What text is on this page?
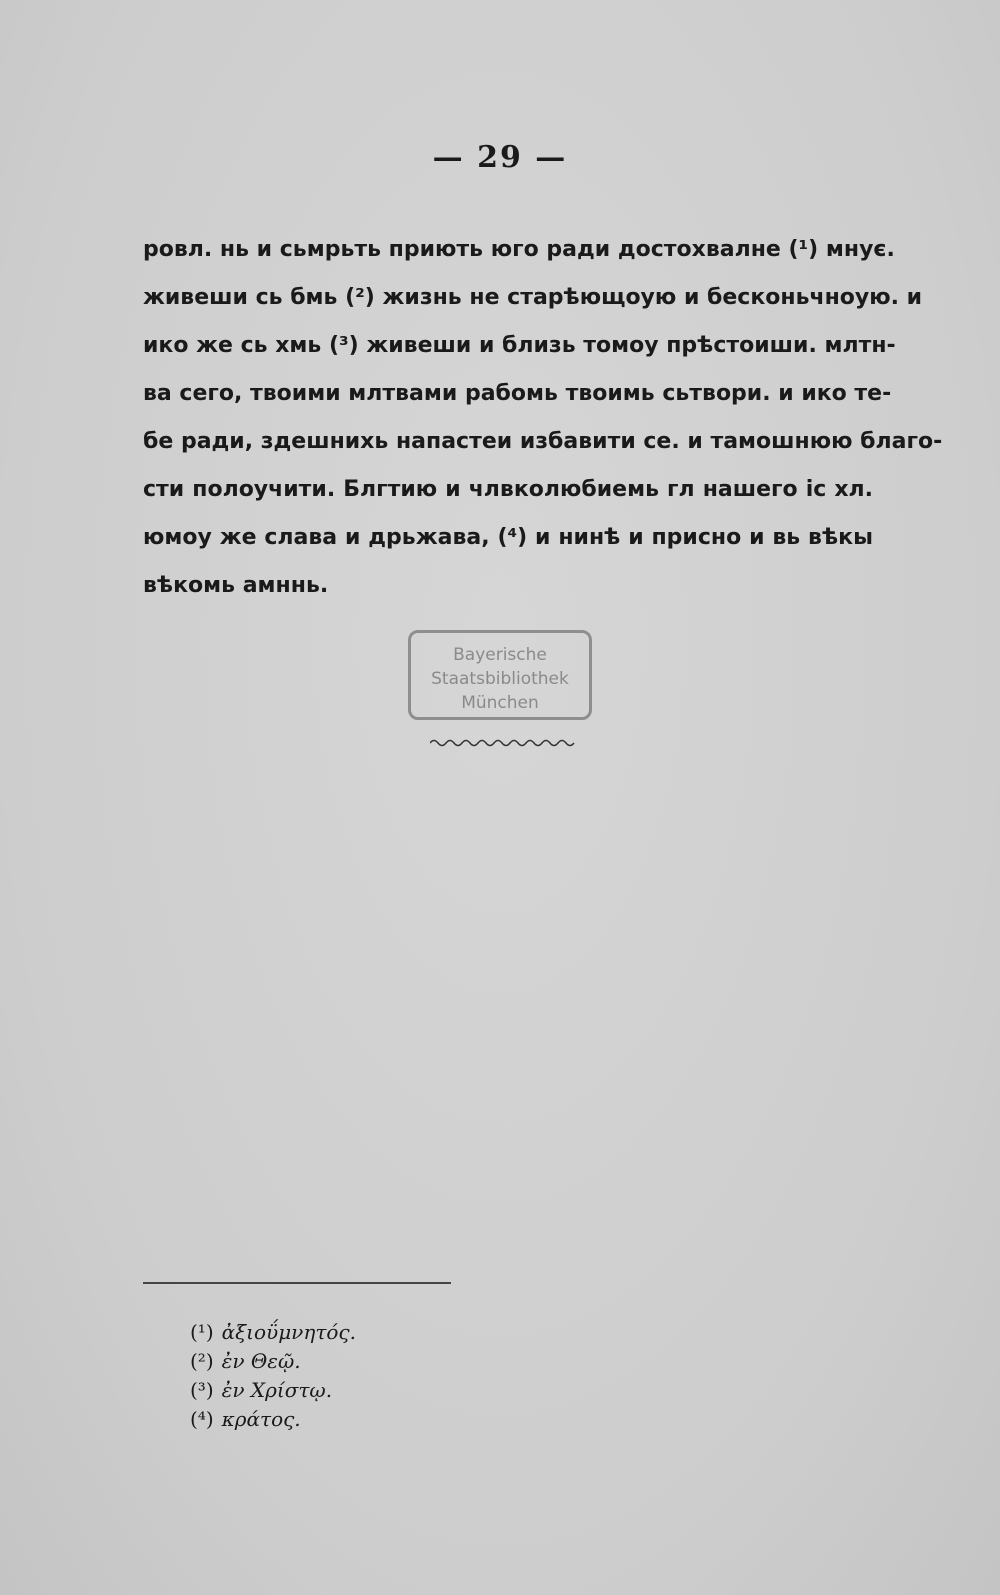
— 29 —
ровл. нь и сьмрьть приють юго ради достохвалне (¹) мнує.
живеши сь бмь (²) жизнь не старѣющоую и бесконьчноую. и
ико же сь хмь (³) живеши и близь томоу прѣстоиши. млтн-
ва сего, твоими млтвами рабомь твоимь сьтвори. и ико те-
бе ради, здешнихь напастеи избавити се. и тамошнюю благо-
сти полоучити. Блгтию и члвколюбиемь гл нашего іс хл.
юмоу же слава и дрьжава, (⁴) и нинѣ и присно и вь вѣкы
вѣкомь амннь.
Bayerische
Staatsbibliothek
München
(¹) ἀξιοΰμνητός.
(²) ἐν Θεῷ.
(³) ἐν Χρίστῳ.
(⁴) κράτος.
